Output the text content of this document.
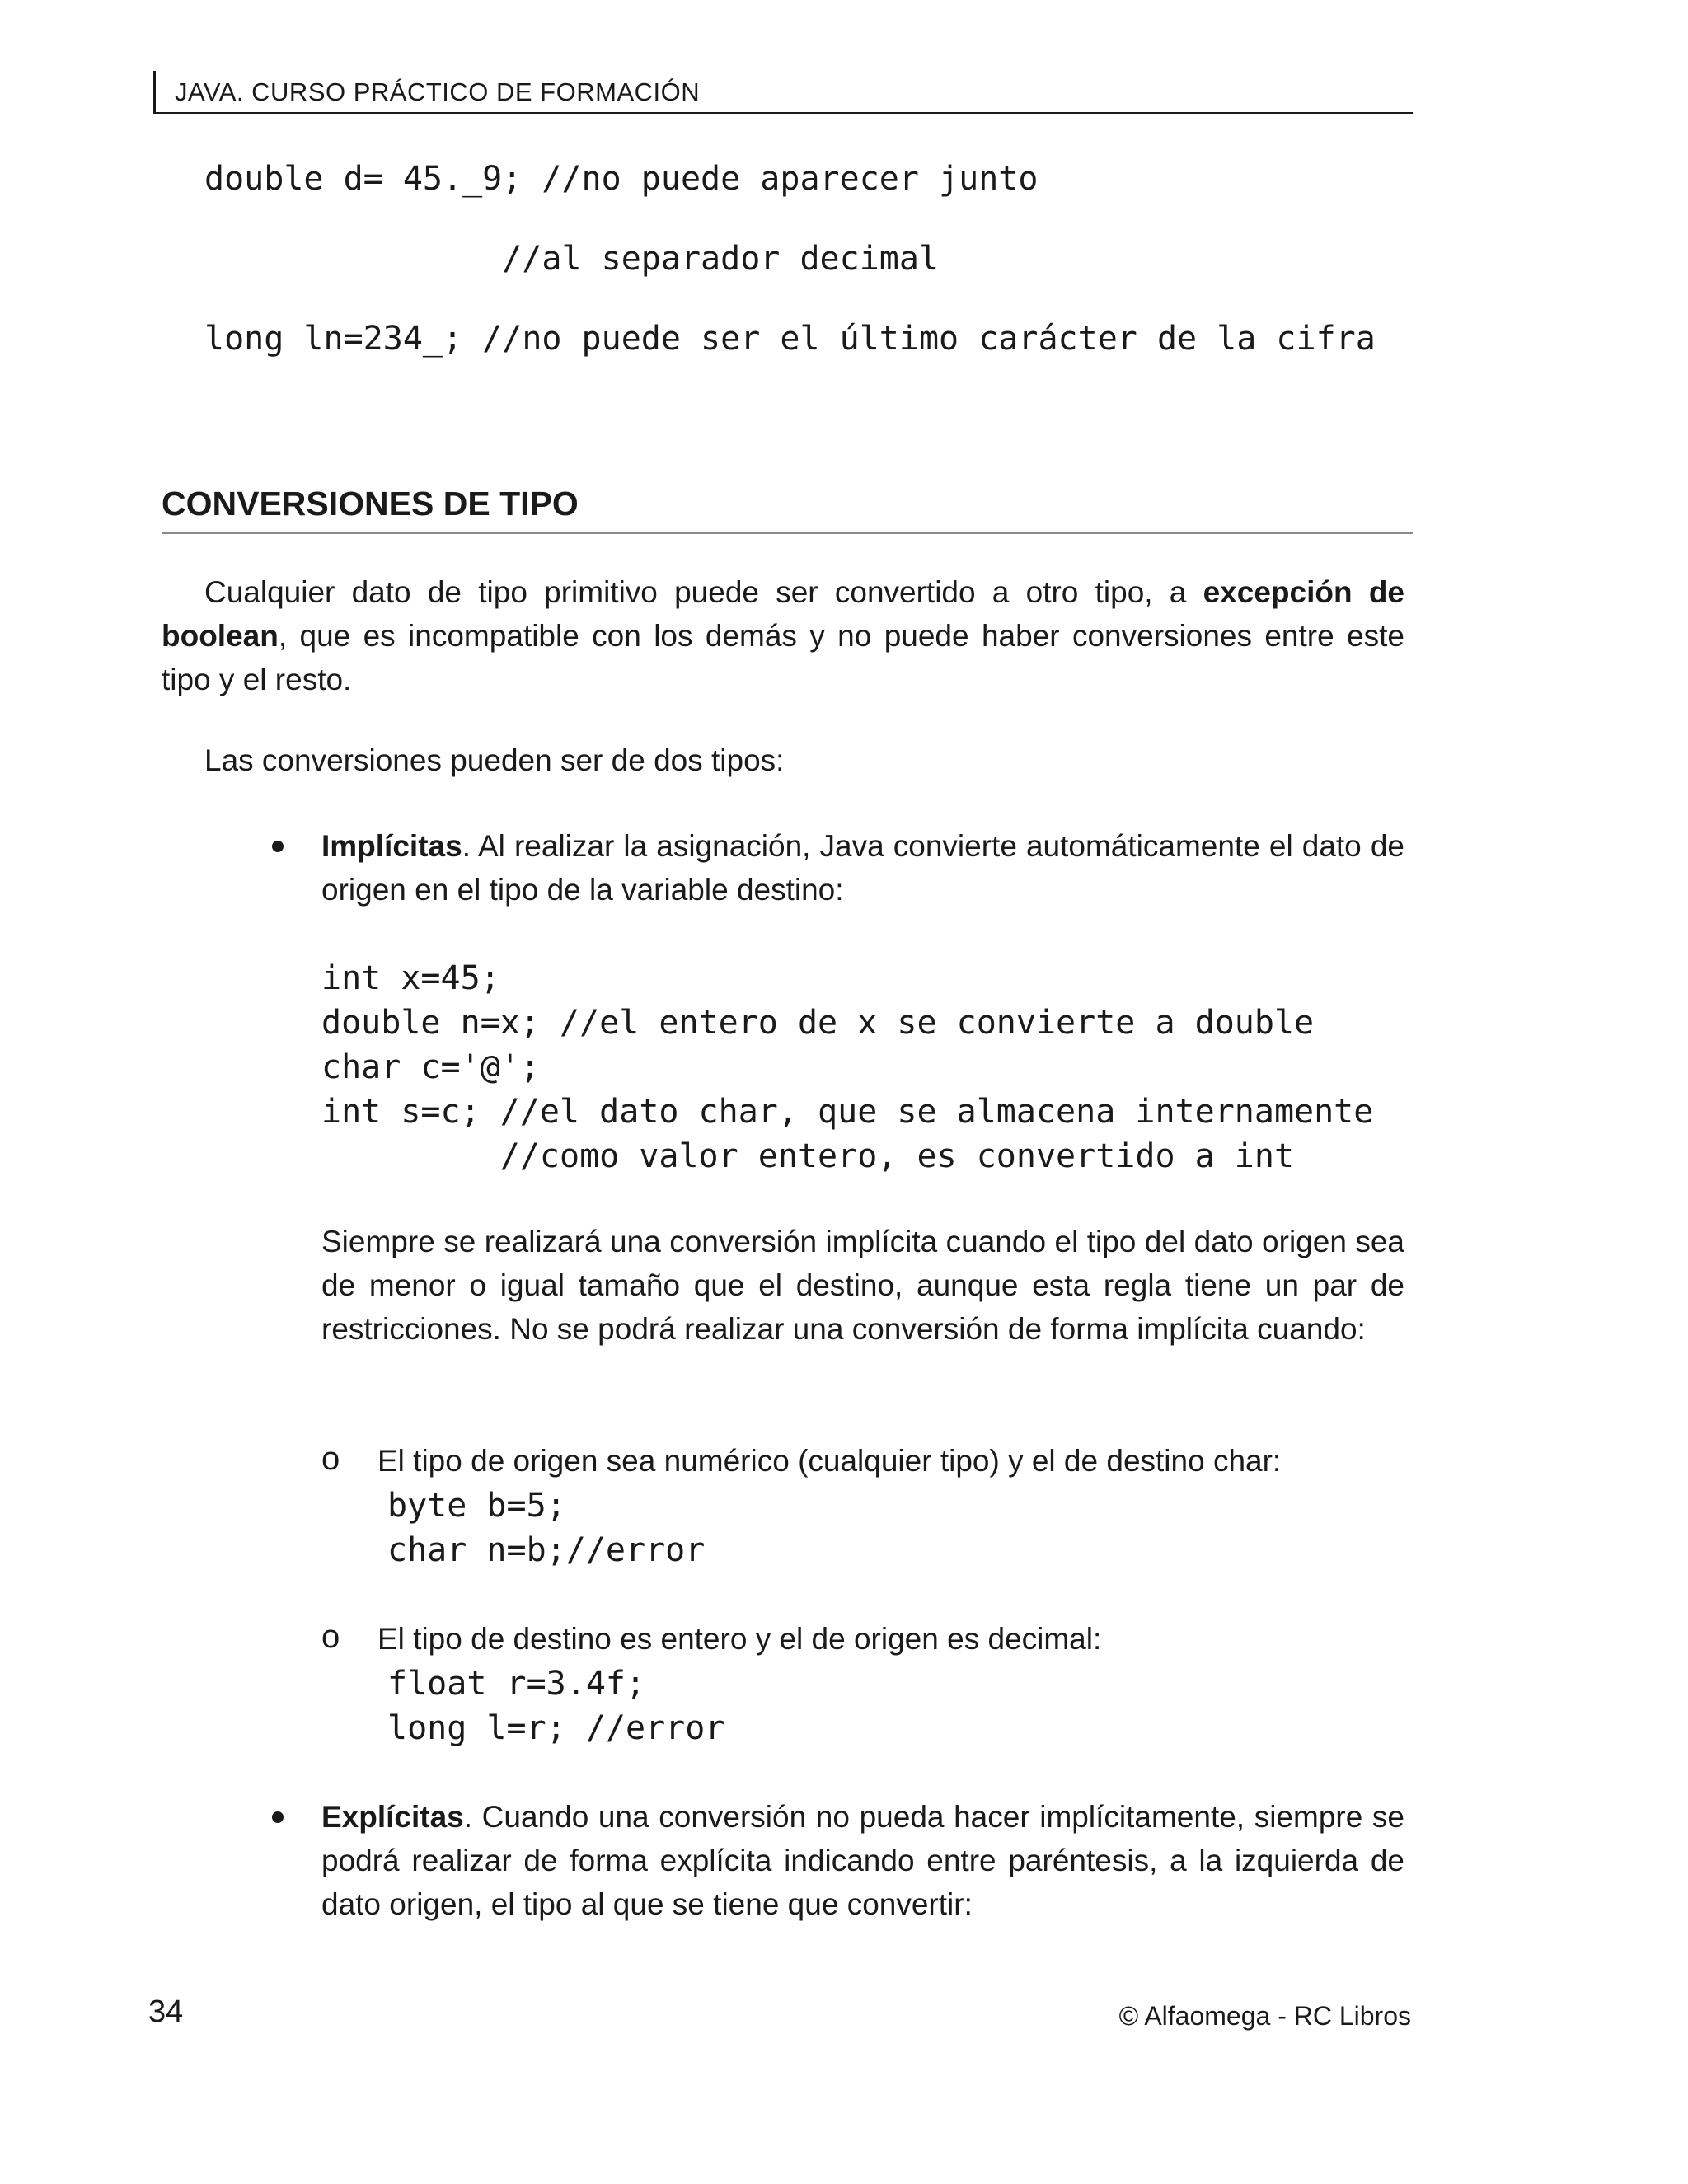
JAVA. CURSO PRÁCTICO DE FORMACIÓN
double d= 45._9; //no puede aparecer junto
//al separador decimal
long ln=234_; //no puede ser el último carácter de la cifra
CONVERSIONES DE TIPO
Cualquier dato de tipo primitivo puede ser convertido a otro tipo, a excepción de boolean, que es incompatible con los demás y no puede haber conversiones entre este tipo y el resto.
Las conversiones pueden ser de dos tipos:
Implícitas. Al realizar la asignación, Java convierte automáticamente el dato de origen en el tipo de la variable destino:
int x=45;
double n=x; //el entero de x se convierte a double
char c='@';
int s=c; //el dato char, que se almacena internamente
//como valor entero, es convertido a int
Siempre se realizará una conversión implícita cuando el tipo del dato origen sea de menor o igual tamaño que el destino, aunque esta regla tiene un par de restricciones. No se podrá realizar una conversión de forma implícita cuando:
o El tipo de origen sea numérico (cualquier tipo) y el de destino char:
byte b=5;
char n=b;//error
o El tipo de destino es entero y el de origen es decimal:
float r=3.4f;
long l=r; //error
Explícitas. Cuando una conversión no pueda hacer implícitamente, siempre se podrá realizar de forma explícita indicando entre paréntesis, a la izquierda de dato origen, el tipo al que se tiene que convertir:
34	© Alfaomega - RC Libros
